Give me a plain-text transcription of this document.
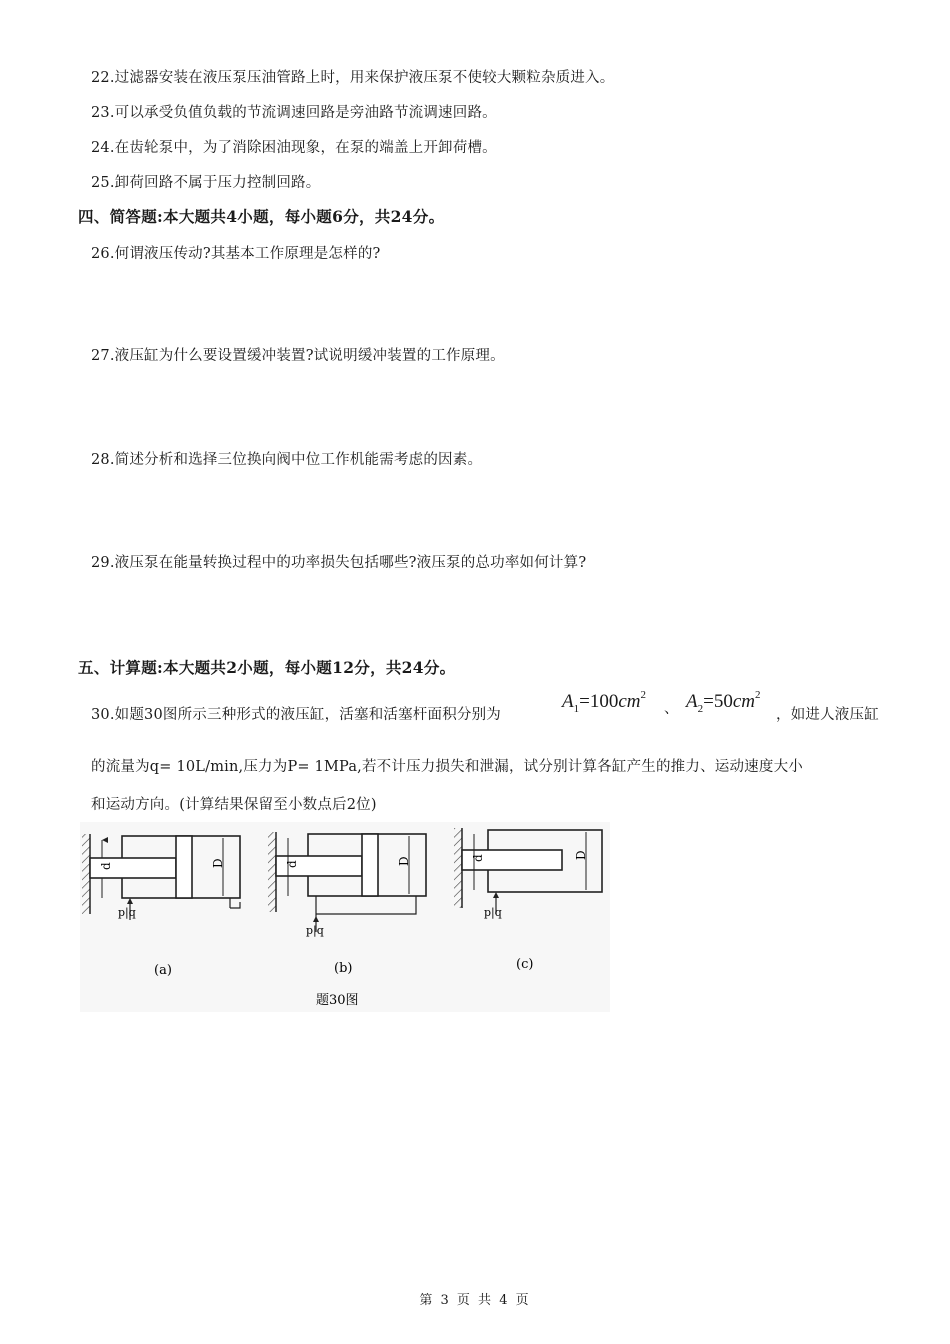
22.过滤器安装在液压泵压油管路上时，用来保护液压泵不使较大颗粒杂质进入。
23.可以承受负值负载的节流调速回路是旁油路节流调速回路。
24.在齿轮泵中，为了消除困油现象，在泵的端盖上开卸荷槽。
25.卸荷回路不属于压力控制回路。
四、简答题:本大题共4小题，每小题6分，共24分。
26.何谓液压传动?其基本工作原理是怎样的?
27.液压缸为什么要设置缓冲装置?试说明缓冲装置的工作原理。
28.简述分析和选择三位换向阀中位工作机能需考虑的因素。
29.液压泵在能量转换过程中的功率损失包括哪些?液压泵的总功率如何计算?
五、计算题:本大题共2小题，每小题12分，共24分。
30.如题30图所示三种形式的液压缸，活塞和活塞杆面积分别为
$A_1=100cm^2$
、 $A_2=50cm^2$
，如进人液压缸
的流量为q= 10L/min,压力为P= 1MPa,若不计压力损失和泄漏，试分别计算各缸产生的推力、运动速度大小
和运动方向。(计算结果保留至小数点后2位)
d	D
p|q
(a)
d	D
p|q
(b)
d	D
p|q
(c)
题30图
第 3 页 共 4 页
